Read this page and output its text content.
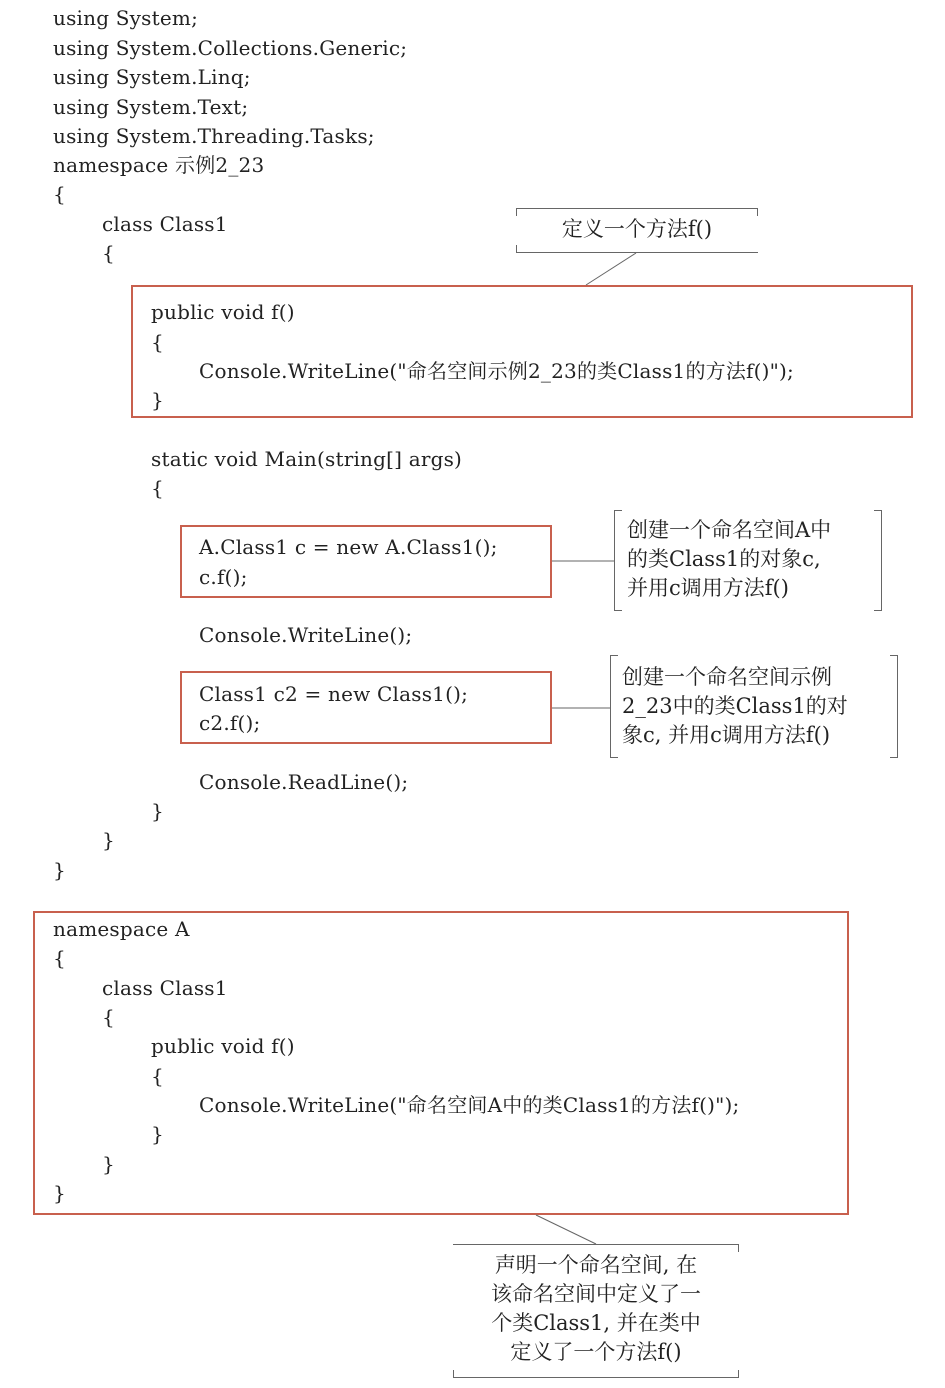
using System;
using System.Collections.Generic;
using System.Linq;
using System.Text;
using System.Threading.Tasks;
namespace 示例2_23
{
class Class1
{
public void f()
{
Console.WriteLine("命名空间示例2_23的类Class1的方法f()");
}
static void Main(string[] args)
{
A.Class1 c = new A.Class1();
c.f();
Console.WriteLine();
Class1 c2 = new Class1();
c2.f();
Console.ReadLine();
}
}
}
namespace A
{
class Class1
{
public void f()
{
Console.WriteLine("命名空间A中的类Class1的方法f()");
}
}
}
定义一个方法f()
创建一个命名空间A中
的类Class1的对象c,
并用c调用方法f()
创建一个命名空间示例
2_23中的类Class1的对
象c, 并用c调用方法f()
声明一个命名空间, 在
该命名空间中定义了一
个类Class1, 并在类中
定义了一个方法f()
